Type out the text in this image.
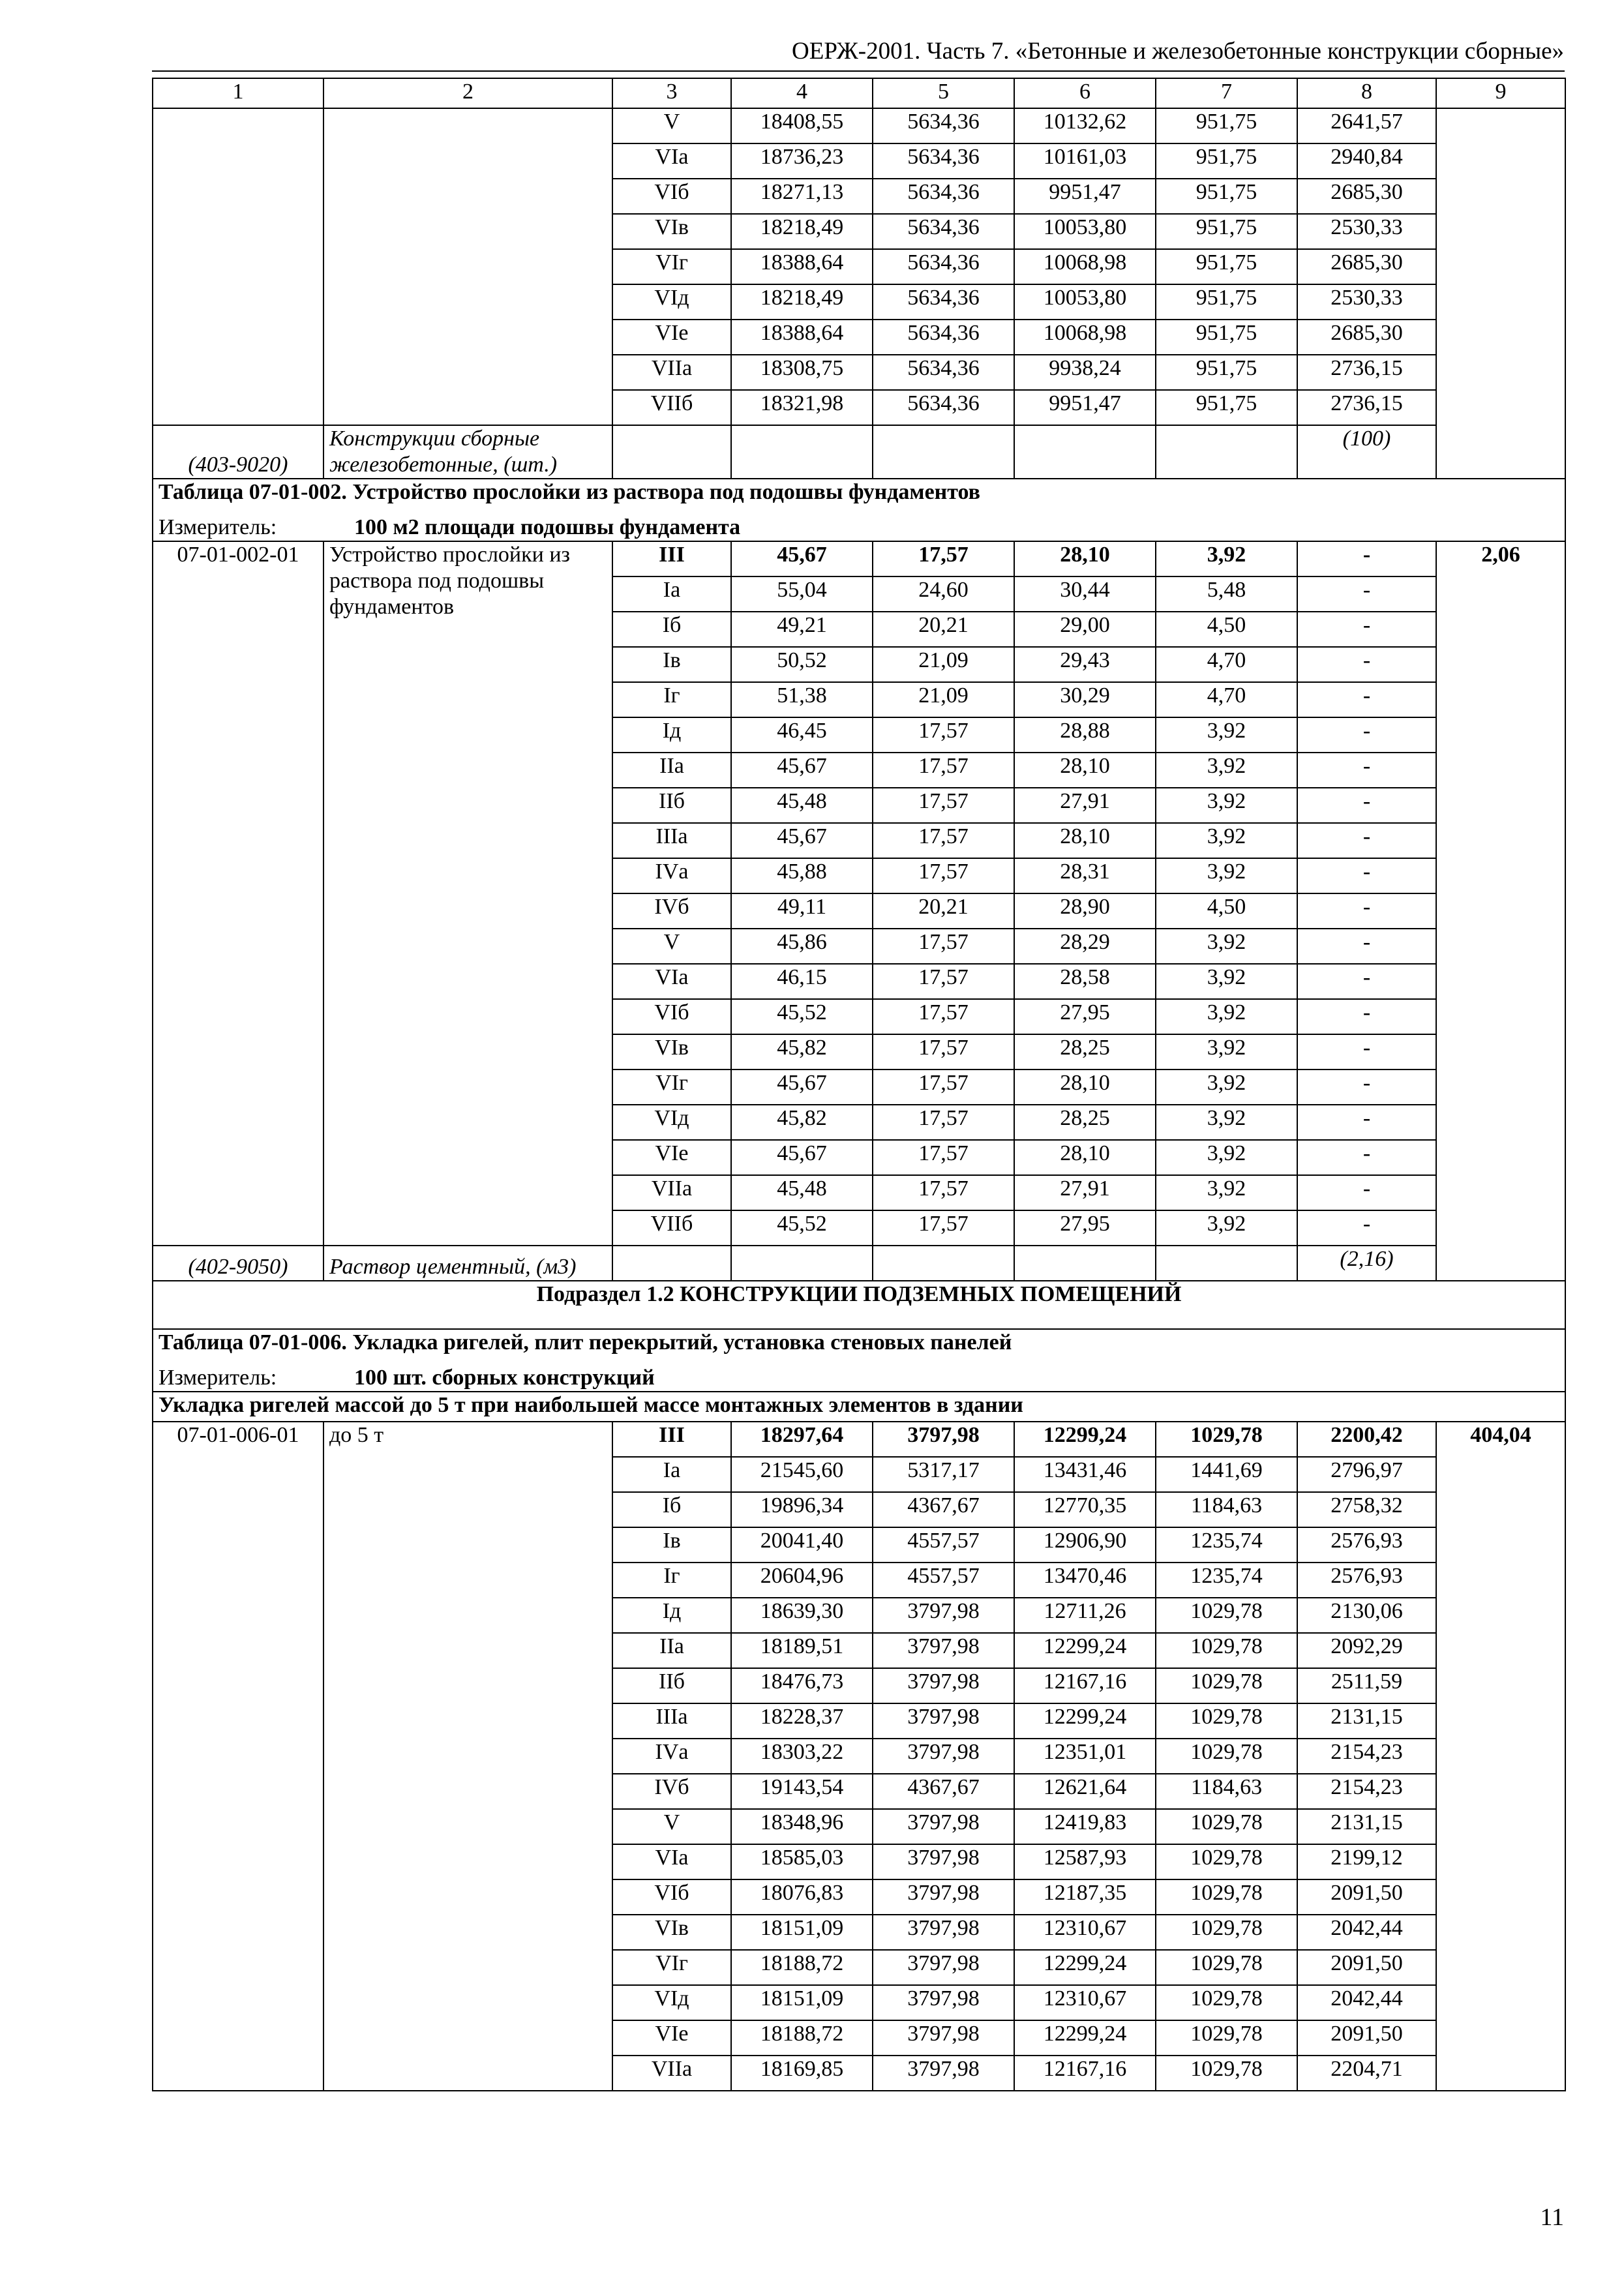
ОЕРЖ-2001. Часть 7. «Бетонные и железобетонные конструкции сборные»
1	2	3	4	5	6	7	8	9
		V	18408,55	5634,36	10132,62	951,75	2641,57	
		VIа	18736,23	5634,36	10161,03	951,75	2940,84	
		VIб	18271,13	5634,36	9951,47	951,75	2685,30	
		VIв	18218,49	5634,36	10053,80	951,75	2530,33	
		VIг	18388,64	5634,36	10068,98	951,75	2685,30	
		VIд	18218,49	5634,36	10053,80	951,75	2530,33	
		VIе	18388,64	5634,36	10068,98	951,75	2685,30	
		VIIа	18308,75	5634,36	9938,24	951,75	2736,15	
		VIIб	18321,98	5634,36	9951,47	951,75	2736,15	
(403-9020)	Конструкции сборные железобетонные, (шт.)						(100)	
Таблица 07-01-002. Устройство прослойки из раствора под подошвы фундаментов								
Измеритель: 100 м2 площади подошвы фундамента								
07-01-002-01	Устройство прослойки из раствора под подошвы фундаментов	III	45,67	17,57	28,10	3,92	-	2,06
		Iа	55,04	24,60	30,44	5,48	-	
		Iб	49,21	20,21	29,00	4,50	-	
		Iв	50,52	21,09	29,43	4,70	-	
		Iг	51,38	21,09	30,29	4,70	-	
		Iд	46,45	17,57	28,88	3,92	-	
		IIа	45,67	17,57	28,10	3,92	-	
		IIб	45,48	17,57	27,91	3,92	-	
		IIIа	45,67	17,57	28,10	3,92	-	
		IVа	45,88	17,57	28,31	3,92	-	
		IVб	49,11	20,21	28,90	4,50	-	
		V	45,86	17,57	28,29	3,92	-	
		VIа	46,15	17,57	28,58	3,92	-	
		VIб	45,52	17,57	27,95	3,92	-	
		VIв	45,82	17,57	28,25	3,92	-	
		VIг	45,67	17,57	28,10	3,92	-	
		VIд	45,82	17,57	28,25	3,92	-	
		VIе	45,67	17,57	28,10	3,92	-	
		VIIа	45,48	17,57	27,91	3,92	-	
		VIIб	45,52	17,57	27,95	3,92	-	
(402-9050)	Раствор цементный, (м3)						(2,16)	
Подраздел 1.2 КОНСТРУКЦИИ ПОДЗЕМНЫХ ПОМЕЩЕНИЙ								
Таблица 07-01-006. Укладка ригелей, плит перекрытий, установка стеновых панелей								
Измеритель: 100 шт. сборных конструкций								
Укладка ригелей массой до 5 т при наибольшей массе монтажных элементов в здании								
07-01-006-01	до 5 т	III	18297,64	3797,98	12299,24	1029,78	2200,42	404,04
		Iа	21545,60	5317,17	13431,46	1441,69	2796,97	
		Iб	19896,34	4367,67	12770,35	1184,63	2758,32	
		Iв	20041,40	4557,57	12906,90	1235,74	2576,93	
		Iг	20604,96	4557,57	13470,46	1235,74	2576,93	
		Iд	18639,30	3797,98	12711,26	1029,78	2130,06	
		IIа	18189,51	3797,98	12299,24	1029,78	2092,29	
		IIб	18476,73	3797,98	12167,16	1029,78	2511,59	
		IIIа	18228,37	3797,98	12299,24	1029,78	2131,15	
		IVа	18303,22	3797,98	12351,01	1029,78	2154,23	
		IVб	19143,54	4367,67	12621,64	1184,63	2154,23	
		V	18348,96	3797,98	12419,83	1029,78	2131,15	
		VIа	18585,03	3797,98	12587,93	1029,78	2199,12	
		VIб	18076,83	3797,98	12187,35	1029,78	2091,50	
		VIв	18151,09	3797,98	12310,67	1029,78	2042,44	
		VIг	18188,72	3797,98	12299,24	1029,78	2091,50	
		VIд	18151,09	3797,98	12310,67	1029,78	2042,44	
		VIе	18188,72	3797,98	12299,24	1029,78	2091,50	
		VIIа	18169,85	3797,98	12167,16	1029,78	2204,71	
11
